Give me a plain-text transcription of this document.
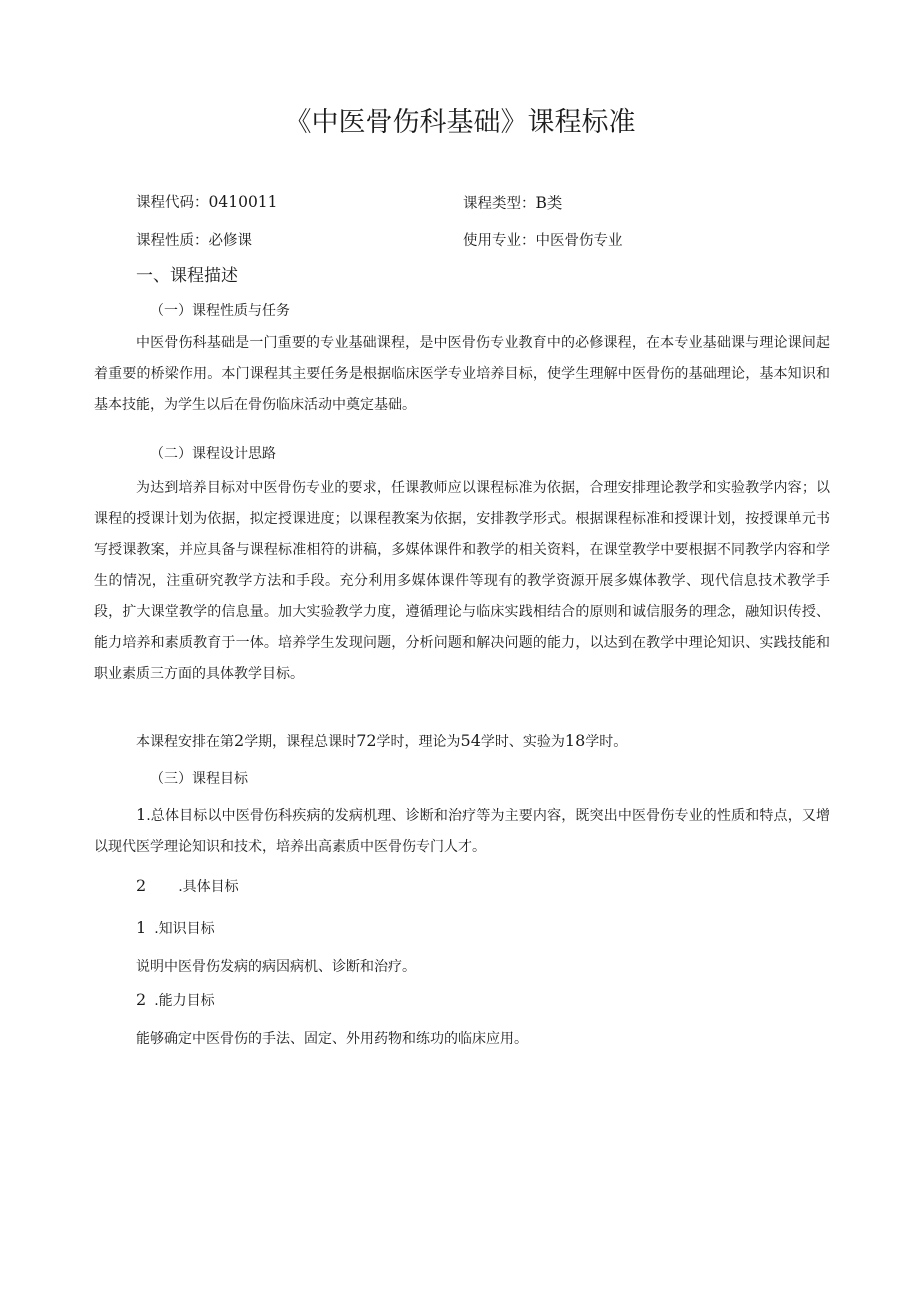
《中医骨伤科基础》课程标准
课程代码：0410011	课程类型：B类
课程性质：必修课	使用专业：中医骨伤专业
一、课程描述
（一）课程性质与任务
中医骨伤科基础是一门重要的专业基础课程，是中医骨伤专业教育中的必修课程，在本专业基础课与理论课间起着重要的桥梁作用。本门课程其主要任务是根据临床医学专业培养目标，使学生理解中医骨伤的基础理论，基本知识和基本技能，为学生以后在骨伤临床活动中奠定基础。
（二）课程设计思路
为达到培养目标对中医骨伤专业的要求，任课教师应以课程标准为依据，合理安排理论教学和实验教学内容；以课程的授课计划为依据，拟定授课进度；以课程教案为依据，安排教学形式。根据课程标准和授课计划，按授课单元书写授课教案，并应具备与课程标准相符的讲稿，多媒体课件和教学的相关资料，在课堂教学中要根据不同教学内容和学生的情况，注重研究教学方法和手段。充分利用多媒体课件等现有的教学资源开展多媒体教学、现代信息技术教学手段，扩大课堂教学的信息量。加大实验教学力度，遵循理论与临床实践相结合的原则和诚信服务的理念，融知识传授、能力培养和素质教育于一体。培养学生发现问题，分析问题和解决问题的能力，以达到在教学中理论知识、实践技能和职业素质三方面的具体教学目标。
本课程安排在第2学期，课程总课时72学时，理论为54学时、实验为18学时。
（三）课程目标
1.总体目标以中医骨伤科疾病的发病机理、诊断和治疗等为主要内容，既突出中医骨伤专业的性质和特点，又增以现代医学理论知识和技术，培养出高素质中医骨伤专门人才。
2 .具体目标
1 .知识目标
说明中医骨伤发病的病因病机、诊断和治疗。
2 .能力目标
能够确定中医骨伤的手法、固定、外用药物和练功的临床应用。
